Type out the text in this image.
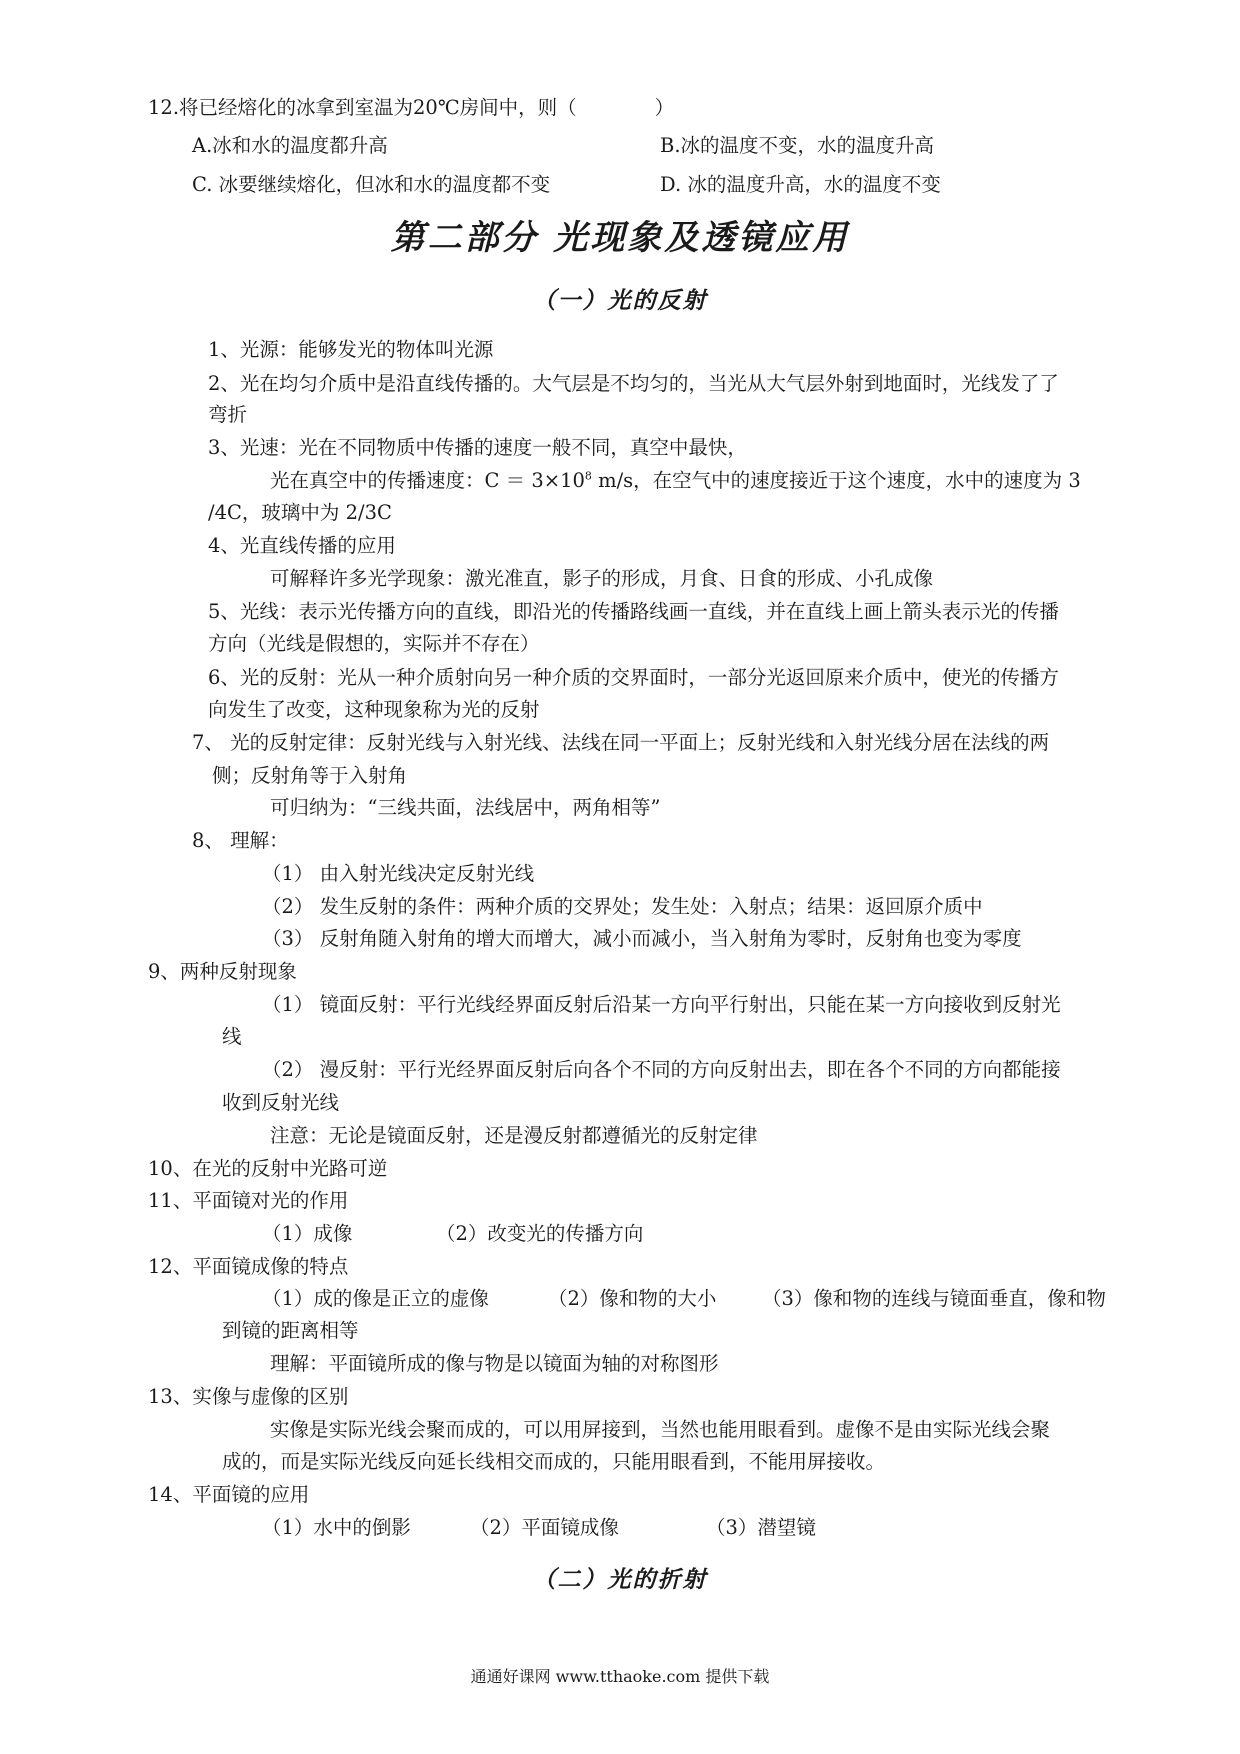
12.将已经熔化的冰拿到室温为20℃房间中，则（　　　　）
A.冰和水的温度都升高	B.冰的温度不变，水的温度升高
C. 冰要继续熔化，但冰和水的温度都不变	D. 冰的温度升高，水的温度不变
第二部分 光现象及透镜应用
（一）光的反射
1、光源：能够发光的物体叫光源
2、光在均匀介质中是沿直线传播的。大气层是不均匀的，当光从大气层外射到地面时，光线发了了
弯折
3、光速：光在不同物质中传播的速度一般不同，真空中最快，
光在真空中的传播速度：$C = 3\times 10^8$ m/s，在空气中的速度接近于这个速度，水中的速度为 3
/4C，玻璃中为 2/3C
4、光直线传播的应用
可解释许多光学现象：激光准直，影子的形成，月食、日食的形成、小孔成像
5、光线：表示光传播方向的直线，即沿光的传播路线画一直线，并在直线上画上箭头表示光的传播
方向（光线是假想的，实际并不存在）
6、光的反射：光从一种介质射向另一种介质的交界面时，一部分光返回原来介质中，使光的传播方
向发生了改变，这种现象称为光的反射
7、 光的反射定律：反射光线与入射光线、法线在同一平面上；反射光线和入射光线分居在法线的两
侧；反射角等于入射角
可归纳为：“三线共面，法线居中，两角相等”
8、 理解：
（1） 由入射光线决定反射光线
（2） 发生反射的条件：两种介质的交界处；发生处：入射点；结果：返回原介质中
（3） 反射角随入射角的增大而增大，减小而减小，当入射角为零时，反射角也变为零度
9、两种反射现象
（1） 镜面反射：平行光线经界面反射后沿某一方向平行射出，只能在某一方向接收到反射光
线
（2） 漫反射：平行光经界面反射后向各个不同的方向反射出去，即在各个不同的方向都能接
收到反射光线
注意：无论是镜面反射，还是漫反射都遵循光的反射定律
10、在光的反射中光路可逆
11、平面镜对光的作用
（1）成像	（2）改变光的传播方向
12、平面镜成像的特点
（1）成的像是正立的虚像	（2）像和物的大小 （3）像和物的连线与镜面垂直，像和物
到镜的距离相等
理解：平面镜所成的像与物是以镜面为轴的对称图形
13、实像与虚像的区别
实像是实际光线会聚而成的，可以用屏接到，当然也能用眼看到。虚像不是由实际光线会聚
成的，而是实际光线反向延长线相交而成的，只能用眼看到，不能用屏接收。
14、平面镜的应用
（1）水中的倒影	（2）平面镜成像	（3）潜望镜
（二）光的折射
通通好课网 www.tthaoke.com 提供下载
